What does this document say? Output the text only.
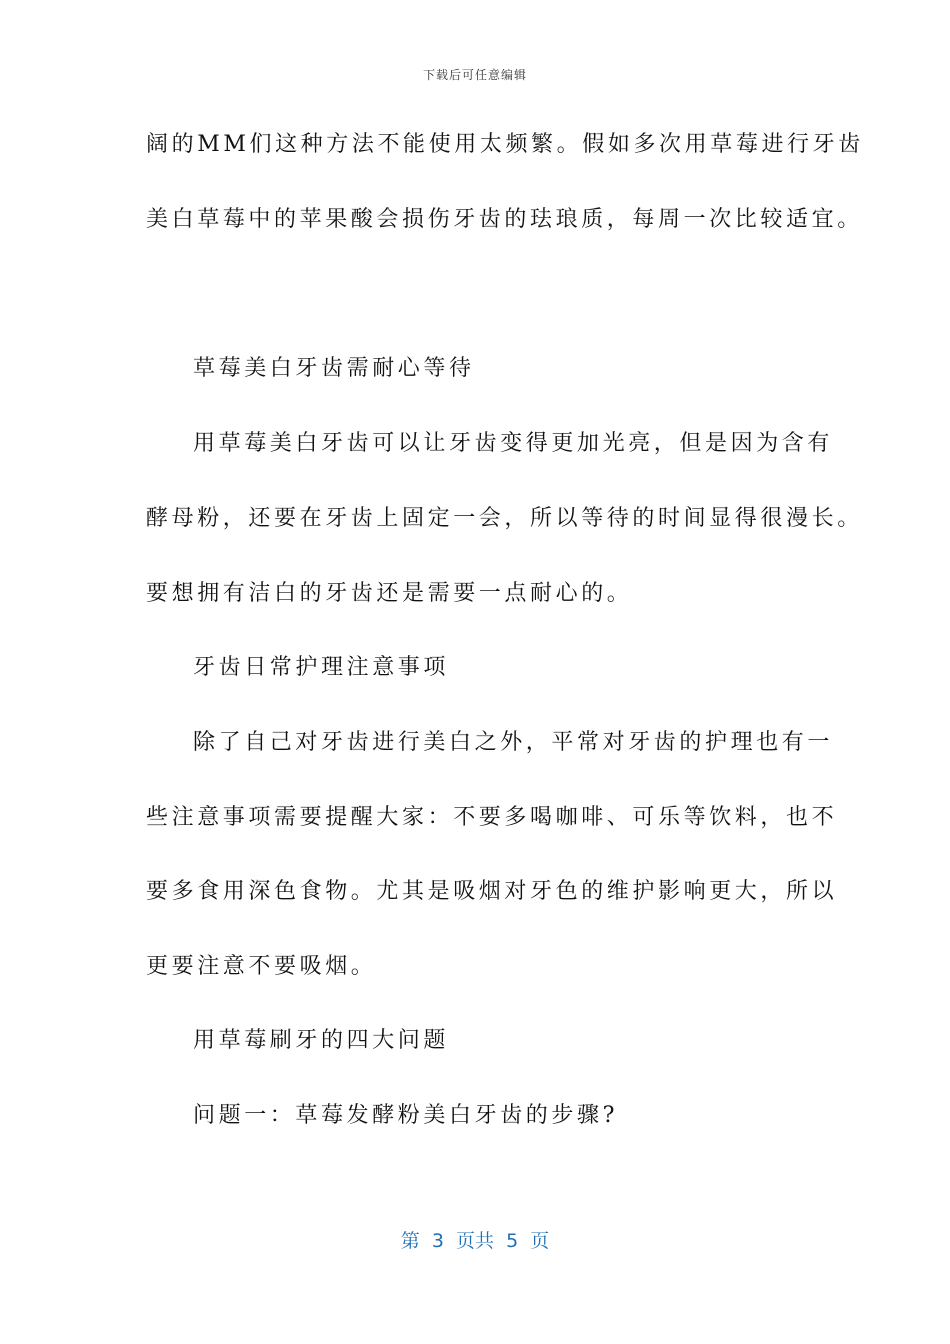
下载后可任意编辑
阔的MM们这种方法不能使用太频繁。假如多次用草莓进行牙齿
美白草莓中的苹果酸会损伤牙齿的珐琅质，每周一次比较适宜。
草莓美白牙齿需耐心等待
用草莓美白牙齿可以让牙齿变得更加光亮，但是因为含有
酵母粉，还要在牙齿上固定一会，所以等待的时间显得很漫长。
要想拥有洁白的牙齿还是需要一点耐心的。
牙齿日常护理注意事项
除了自己对牙齿进行美白之外，平常对牙齿的护理也有一
些注意事项需要提醒大家：不要多喝咖啡、可乐等饮料，也不
要多食用深色食物。尤其是吸烟对牙色的维护影响更大，所以
更要注意不要吸烟。
用草莓刷牙的四大问题
问题一：草莓发酵粉美白牙齿的步骤?
第  3  页共  5  页
